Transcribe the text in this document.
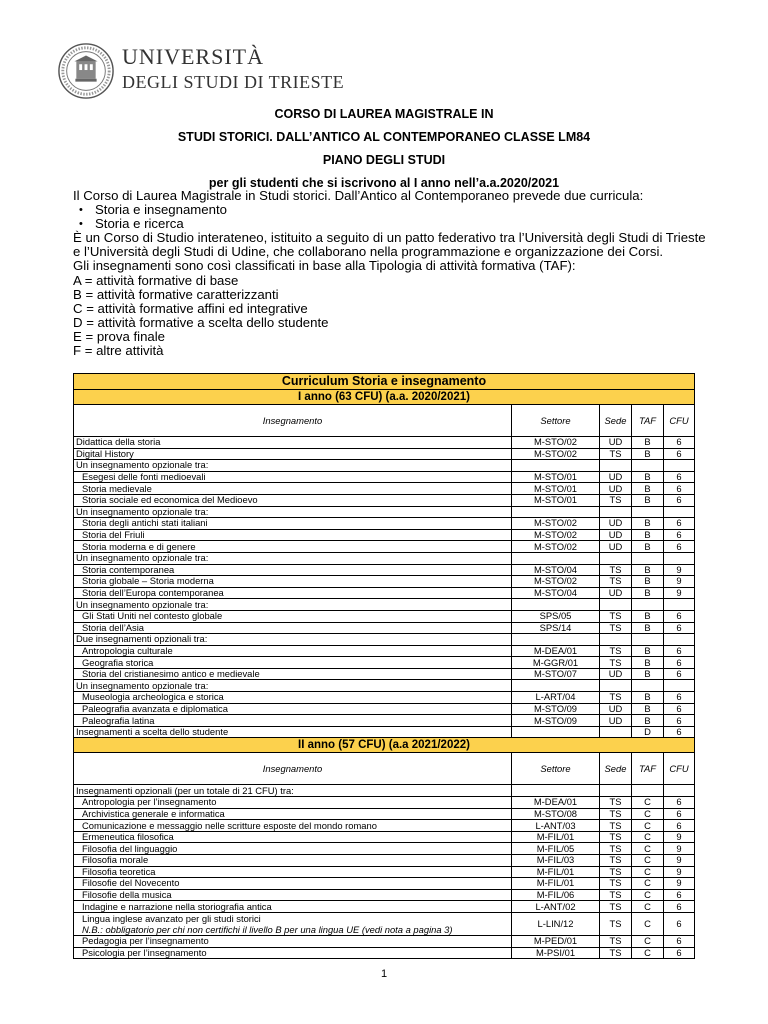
UNIVERSITÀ
DEGLI STUDI DI TRIESTE
CORSO DI LAUREA MAGISTRALE IN
STUDI STORICI. DALL’ANTICO AL CONTEMPORANEO CLASSE LM84
PIANO DEGLI STUDI
per gli studenti che si iscrivono al I anno nell’a.a.2020/2021
Il Corso di Laurea Magistrale in Studi storici. Dall’Antico al Contemporaneo prevede due curricula:
• Storia e insegnamento
• Storia e ricerca
È un Corso di Studio interateneo, istituito a seguito di un patto federativo tra l’Università degli Studi di Trieste
e l’Università degli Studi di Udine, che collaborano nella programmazione e organizzazione dei Corsi.
Gli insegnamenti sono così classificati in base alla Tipologia di attività formativa (TAF):
A = attività formative di base
B = attività formative caratterizzanti
C = attività formative affini ed integrative
D = attività formative a scelta dello studente
E = prova finale
F = altre attività
Curriculum Storia e insegnamento				
I anno (63 CFU) (a.a. 2020/2021)				
Insegnamento	Settore	Sede	TAF	CFU
Didattica della storia	M-STO/02	UD	B	6
Digital History	M-STO/02	TS	B	6
Un insegnamento opzionale tra:				
Esegesi delle fonti medioevali	M-STO/01	UD	B	6
Storia medievale	M-STO/01	UD	B	6
Storia sociale ed economica del Medioevo	M-STO/01	TS	B	6
Un insegnamento opzionale tra:				
Storia degli antichi stati italiani	M-STO/02	UD	B	6
Storia del Friuli	M-STO/02	UD	B	6
Storia moderna e di genere	M-STO/02	UD	B	6
Un insegnamento opzionale tra:				
Storia contemporanea	M-STO/04	TS	B	9
Storia globale – Storia moderna	M-STO/02	TS	B	9
Storia dell’Europa contemporanea	M-STO/04	UD	B	9
Un insegnamento opzionale tra:				
Gli Stati Uniti nel contesto globale	SPS/05	TS	B	6
Storia dell’Asia	SPS/14	TS	B	6
Due insegnamenti opzionali tra:				
Antropologia culturale	M-DEA/01	TS	B	6
Geografia storica	M-GGR/01	TS	B	6
Storia del cristianesimo antico e medievale	M-STO/07	UD	B	6
Un insegnamento opzionale tra:				
Museologia archeologica e storica	L-ART/04	TS	B	6
Paleografia avanzata e diplomatica	M-STO/09	UD	B	6
Paleografia latina	M-STO/09	UD	B	6
Insegnamenti a scelta dello studente			D	6
II anno (57 CFU) (a.a 2021/2022)				
Insegnamento	Settore	Sede	TAF	CFU
Insegnamenti opzionali (per un totale di 21 CFU) tra:				
Antropologia per l’insegnamento	M-DEA/01	TS	C	6
Archivistica generale e informatica	M-STO/08	TS	C	6
Comunicazione e messaggio nelle scritture esposte del mondo romano	L-ANT/03	TS	C	6
Ermeneutica filosofica	M-FIL/01	TS	C	9
Filosofia del linguaggio	M-FIL/05	TS	C	9
Filosofia morale	M-FIL/03	TS	C	9
Filosofia teoretica	M-FIL/01	TS	C	9
Filosofie del Novecento	M-FIL/01	TS	C	9
Filosofie della musica	M-FIL/06	TS	C	6
Indagine e narrazione nella storiografia antica	L-ANT/02	TS	C	6

Lingua inglese avanzato per gli studi storici
N.B.: obbligatorio per chi non certifichi il livello B per una lingua UE (vedi nota a pagina 3)	L-LIN/12	TS	C	6
Pedagogia per l’insegnamento	M-PED/01	TS	C	6
Psicologia per l’insegnamento	M-PSI/01	TS	C	6
1
